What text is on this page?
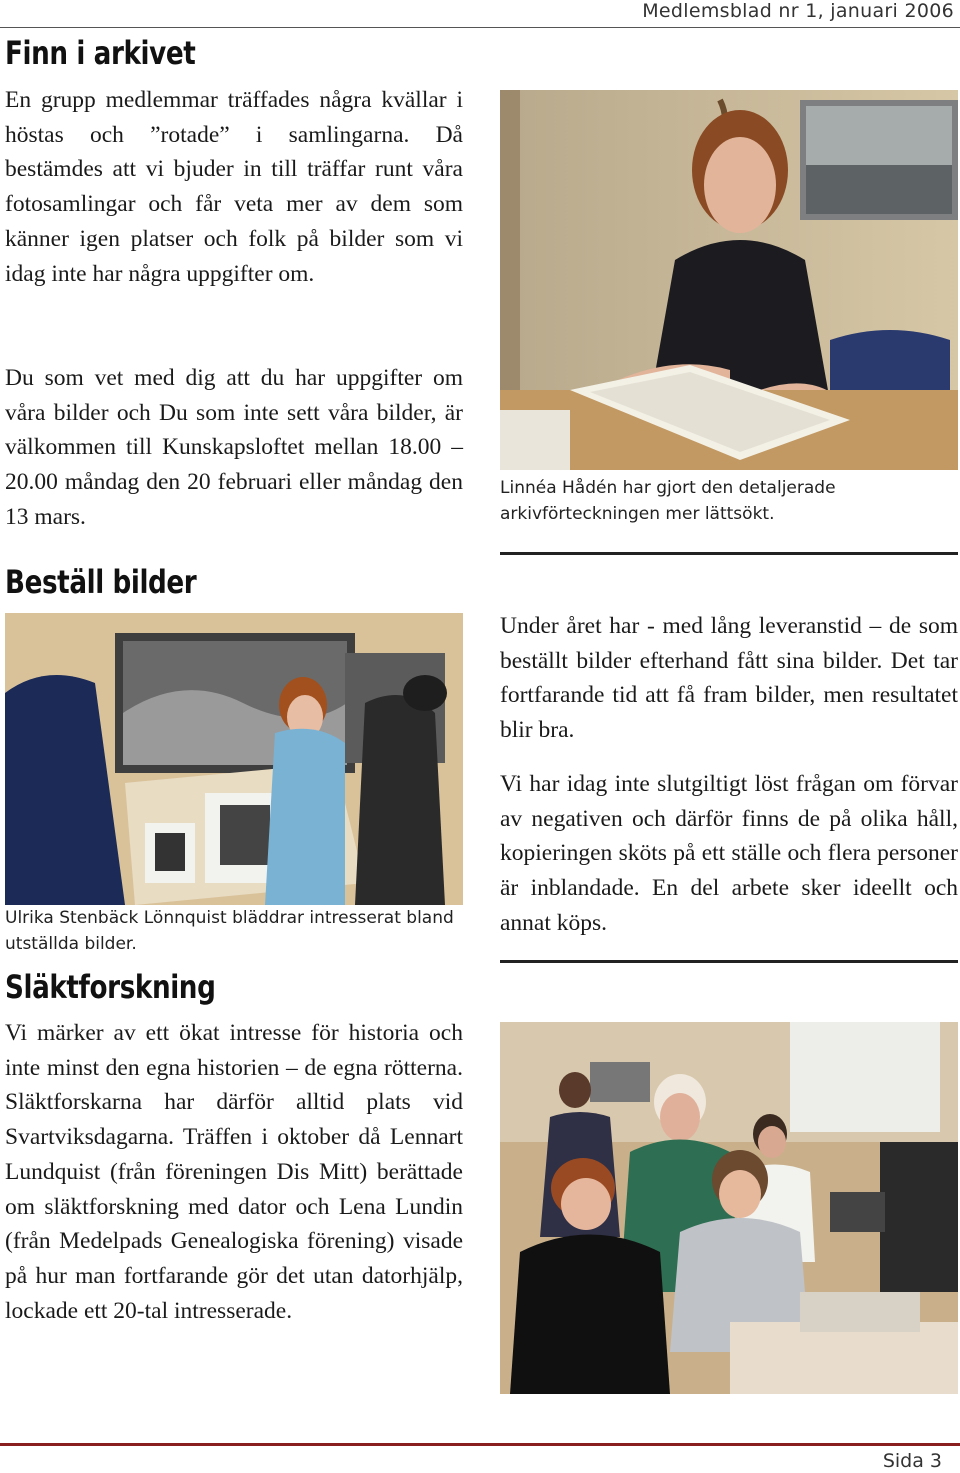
Medlemsblad nr 1, januari 2006
Finn i arkivet

En grupp medlemmar träffades några kvällar i höstas och ”rotade” i samlingarna. Då bestämdes att vi bjuder in till träffar runt våra fotosamlingar och får veta mer av dem som känner igen platser och folk på bilder som vi idag inte har några uppgifter om.

Du som vet med dig att du har uppgifter om våra bilder och Du som inte sett våra bilder, är välkommen till Kunskapsloftet mellan 18.00 – 20.00 måndag den 20 februari eller måndag den 13 mars.

Linnéa Hådén har gjort den detaljerade arkivförteckningen mer lättsökt.

Beställ bilder

Ulrika Stenbäck Lönnquist bläddrar intresserat bland utställda bilder.

Under året har - med lång leveranstid – de som beställt bilder efterhand fått sina bilder. Det tar fortfarande tid att få fram bilder, men resultatet blir bra.

Vi har idag inte slutgiltigt löst frågan om förvar av negativen och därför finns de på olika håll, kopieringen sköts på ett ställe och flera personer är inblandade. En del arbete sker ideellt och annat köps.

Släktforskning

Vi märker av ett ökat intresse för historia och inte minst den egna historien – de egna rötterna. Släktforskarna har därför alltid plats vid Svartviksdagarna. Träffen i oktober då Lennart Lundquist (från föreningen Dis Mitt) berättade om släktforskning med dator och Lena Lundin (från Medelpads Genealogiska förening) visade på hur man fortfarande gör det utan datorhjälp, lockade ett 20-tal intresserade.

Sida 3
